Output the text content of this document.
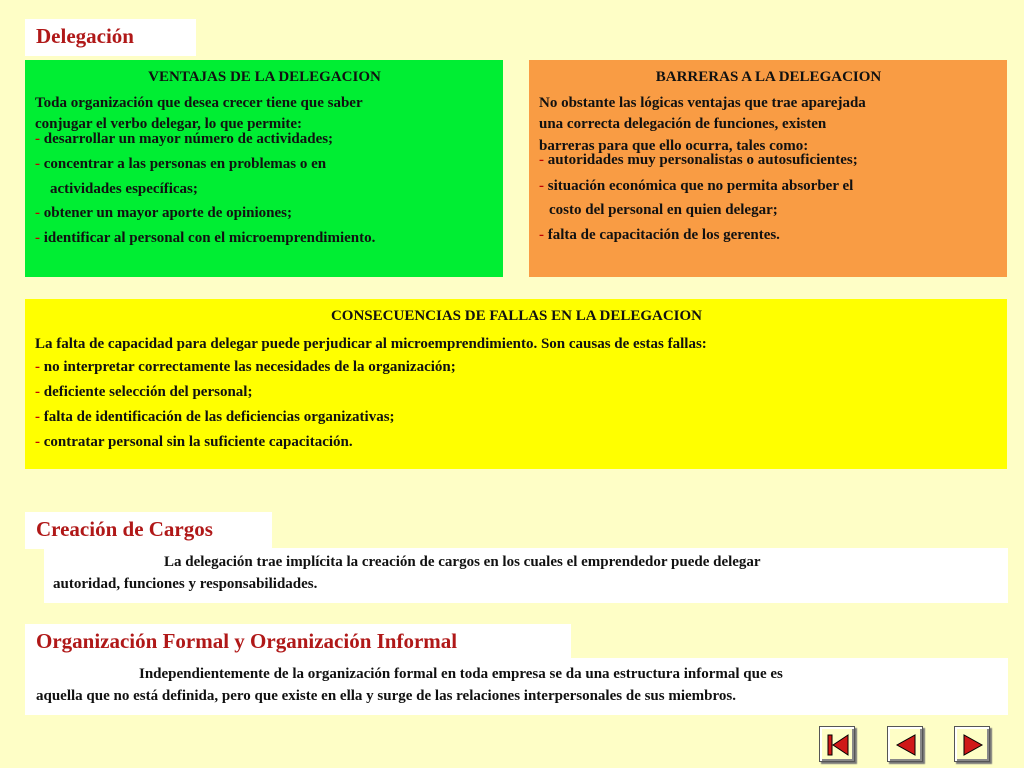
Delegación
VENTAJAS DE LA DELEGACION

Toda organización que desea crecer tiene que saber

conjugar el verbo delegar, lo que permite:

- desarrollar un mayor número de actividades;

- concentrar a las personas en problemas o en

actividades específicas;

- obtener un mayor aporte de opiniones;

- identificar al personal con el microemprendimiento.

BARRERAS A LA DELEGACION

No obstante las lógicas ventajas que trae aparejada

una correcta delegación de funciones, existen

barreras para que ello ocurra, tales como:

- autoridades muy personalistas o autosuficientes;

- situación económica que no permita absorber el

costo del personal en quien delegar;

- falta de capacitación de los gerentes.

CONSECUENCIAS DE FALLAS EN LA DELEGACION

La falta de capacidad para delegar puede perjudicar al microemprendimiento. Son causas de estas fallas:

- no interpretar correctamente las necesidades de la organización;

- deficiente selección del personal;

- falta de identificación de las deficiencias organizativas;

- contratar personal sin la suficiente capacitación.

Creación de Cargos
La delegación trae implícita la creación de cargos en los cuales el emprendedor puede delegar
autoridad, funciones y responsabilidades.
Organización Formal y Organización Informal
Independientemente de la organización formal en toda empresa se da una estructura informal que es
aquella que no está definida, pero que existe en ella y surge de las relaciones interpersonales de sus miembros.
